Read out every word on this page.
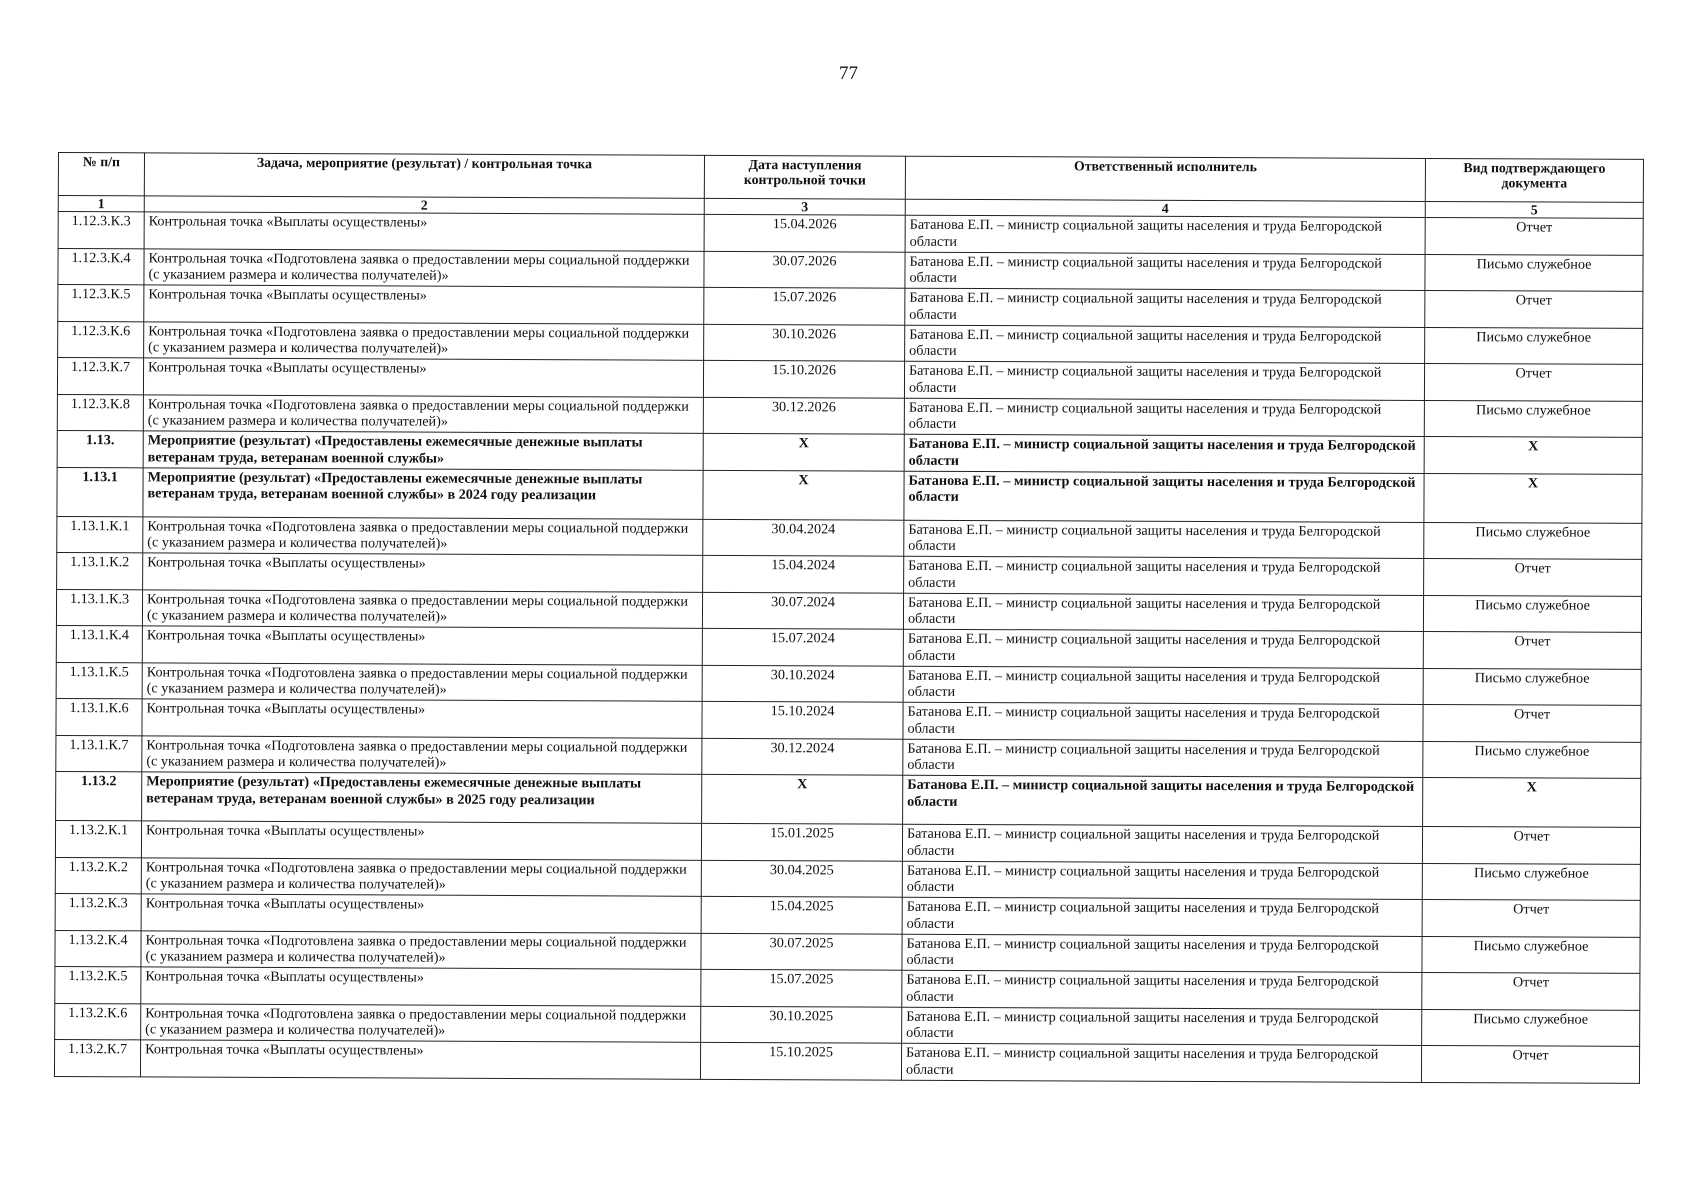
77
№ п/п	Задача, мероприятие (результат) / контрольная точка	Дата наступления контрольной точки	Ответственный исполнитель	Вид подтверждающего документа
1	2	3	4	5
1.12.3.К.3	Контрольная точка «Выплаты осуществлены»	15.04.2026	Батанова Е.П. – министр социальной защиты населения и труда Белгородской области	Отчет
1.12.3.К.4	Контрольная точка «Подготовлена заявка о предоставлении меры социальной поддержки (с указанием размера и количества получателей)»	30.07.2026	Батанова Е.П. – министр социальной защиты населения и труда Белгородской области	Письмо служебное
1.12.3.К.5	Контрольная точка «Выплаты осуществлены»	15.07.2026	Батанова Е.П. – министр социальной защиты населения и труда Белгородской области	Отчет
1.12.3.К.6	Контрольная точка «Подготовлена заявка о предоставлении меры социальной поддержки (с указанием размера и количества получателей)»	30.10.2026	Батанова Е.П. – министр социальной защиты населения и труда Белгородской области	Письмо служебное
1.12.3.К.7	Контрольная точка «Выплаты осуществлены»	15.10.2026	Батанова Е.П. – министр социальной защиты населения и труда Белгородской области	Отчет
1.12.3.К.8	Контрольная точка «Подготовлена заявка о предоставлении меры социальной поддержки (с указанием размера и количества получателей)»	30.12.2026	Батанова Е.П. – министр социальной защиты населения и труда Белгородской области	Письмо служебное
1.13.	Мероприятие (результат) «Предоставлены ежемесячные денежные выплаты ветеранам труда, ветеранам военной службы»	Х	Батанова Е.П. – министр социальной защиты населения и труда Белгородской области	Х
1.13.1	Мероприятие (результат) «Предоставлены ежемесячные денежные выплаты ветеранам труда, ветеранам военной службы» в 2024 году реализации	Х	Батанова Е.П. – министр социальной защиты населения и труда Белгородской области	Х
1.13.1.К.1	Контрольная точка «Подготовлена заявка о предоставлении меры социальной поддержки (с указанием размера и количества получателей)»	30.04.2024	Батанова Е.П. – министр социальной защиты населения и труда Белгородской области	Письмо служебное
1.13.1.К.2	Контрольная точка «Выплаты осуществлены»	15.04.2024	Батанова Е.П. – министр социальной защиты населения и труда Белгородской области	Отчет
1.13.1.К.3	Контрольная точка «Подготовлена заявка о предоставлении меры социальной поддержки (с указанием размера и количества получателей)»	30.07.2024	Батанова Е.П. – министр социальной защиты населения и труда Белгородской области	Письмо служебное
1.13.1.К.4	Контрольная точка «Выплаты осуществлены»	15.07.2024	Батанова Е.П. – министр социальной защиты населения и труда Белгородской области	Отчет
1.13.1.К.5	Контрольная точка «Подготовлена заявка о предоставлении меры социальной поддержки (с указанием размера и количества получателей)»	30.10.2024	Батанова Е.П. – министр социальной защиты населения и труда Белгородской области	Письмо служебное
1.13.1.К.6	Контрольная точка «Выплаты осуществлены»	15.10.2024	Батанова Е.П. – министр социальной защиты населения и труда Белгородской области	Отчет
1.13.1.К.7	Контрольная точка «Подготовлена заявка о предоставлении меры социальной поддержки (с указанием размера и количества получателей)»	30.12.2024	Батанова Е.П. – министр социальной защиты населения и труда Белгородской области	Письмо служебное
1.13.2	Мероприятие (результат) «Предоставлены ежемесячные денежные выплаты ветеранам труда, ветеранам военной службы» в 2025 году реализации	Х	Батанова Е.П. – министр социальной защиты населения и труда Белгородской области	Х
1.13.2.К.1	Контрольная точка «Выплаты осуществлены»	15.01.2025	Батанова Е.П. – министр социальной защиты населения и труда Белгородской области	Отчет
1.13.2.К.2	Контрольная точка «Подготовлена заявка о предоставлении меры социальной поддержки (с указанием размера и количества получателей)»	30.04.2025	Батанова Е.П. – министр социальной защиты населения и труда Белгородской области	Письмо служебное
1.13.2.К.3	Контрольная точка «Выплаты осуществлены»	15.04.2025	Батанова Е.П. – министр социальной защиты населения и труда Белгородской области	Отчет
1.13.2.К.4	Контрольная точка «Подготовлена заявка о предоставлении меры социальной поддержки (с указанием размера и количества получателей)»	30.07.2025	Батанова Е.П. – министр социальной защиты населения и труда Белгородской области	Письмо служебное
1.13.2.К.5	Контрольная точка «Выплаты осуществлены»	15.07.2025	Батанова Е.П. – министр социальной защиты населения и труда Белгородской области	Отчет
1.13.2.К.6	Контрольная точка «Подготовлена заявка о предоставлении меры социальной поддержки (с указанием размера и количества получателей)»	30.10.2025	Батанова Е.П. – министр социальной защиты населения и труда Белгородской области	Письмо служебное
1.13.2.К.7	Контрольная точка «Выплаты осуществлены»	15.10.2025	Батанова Е.П. – министр социальной защиты населения и труда Белгородской области	Отчет
